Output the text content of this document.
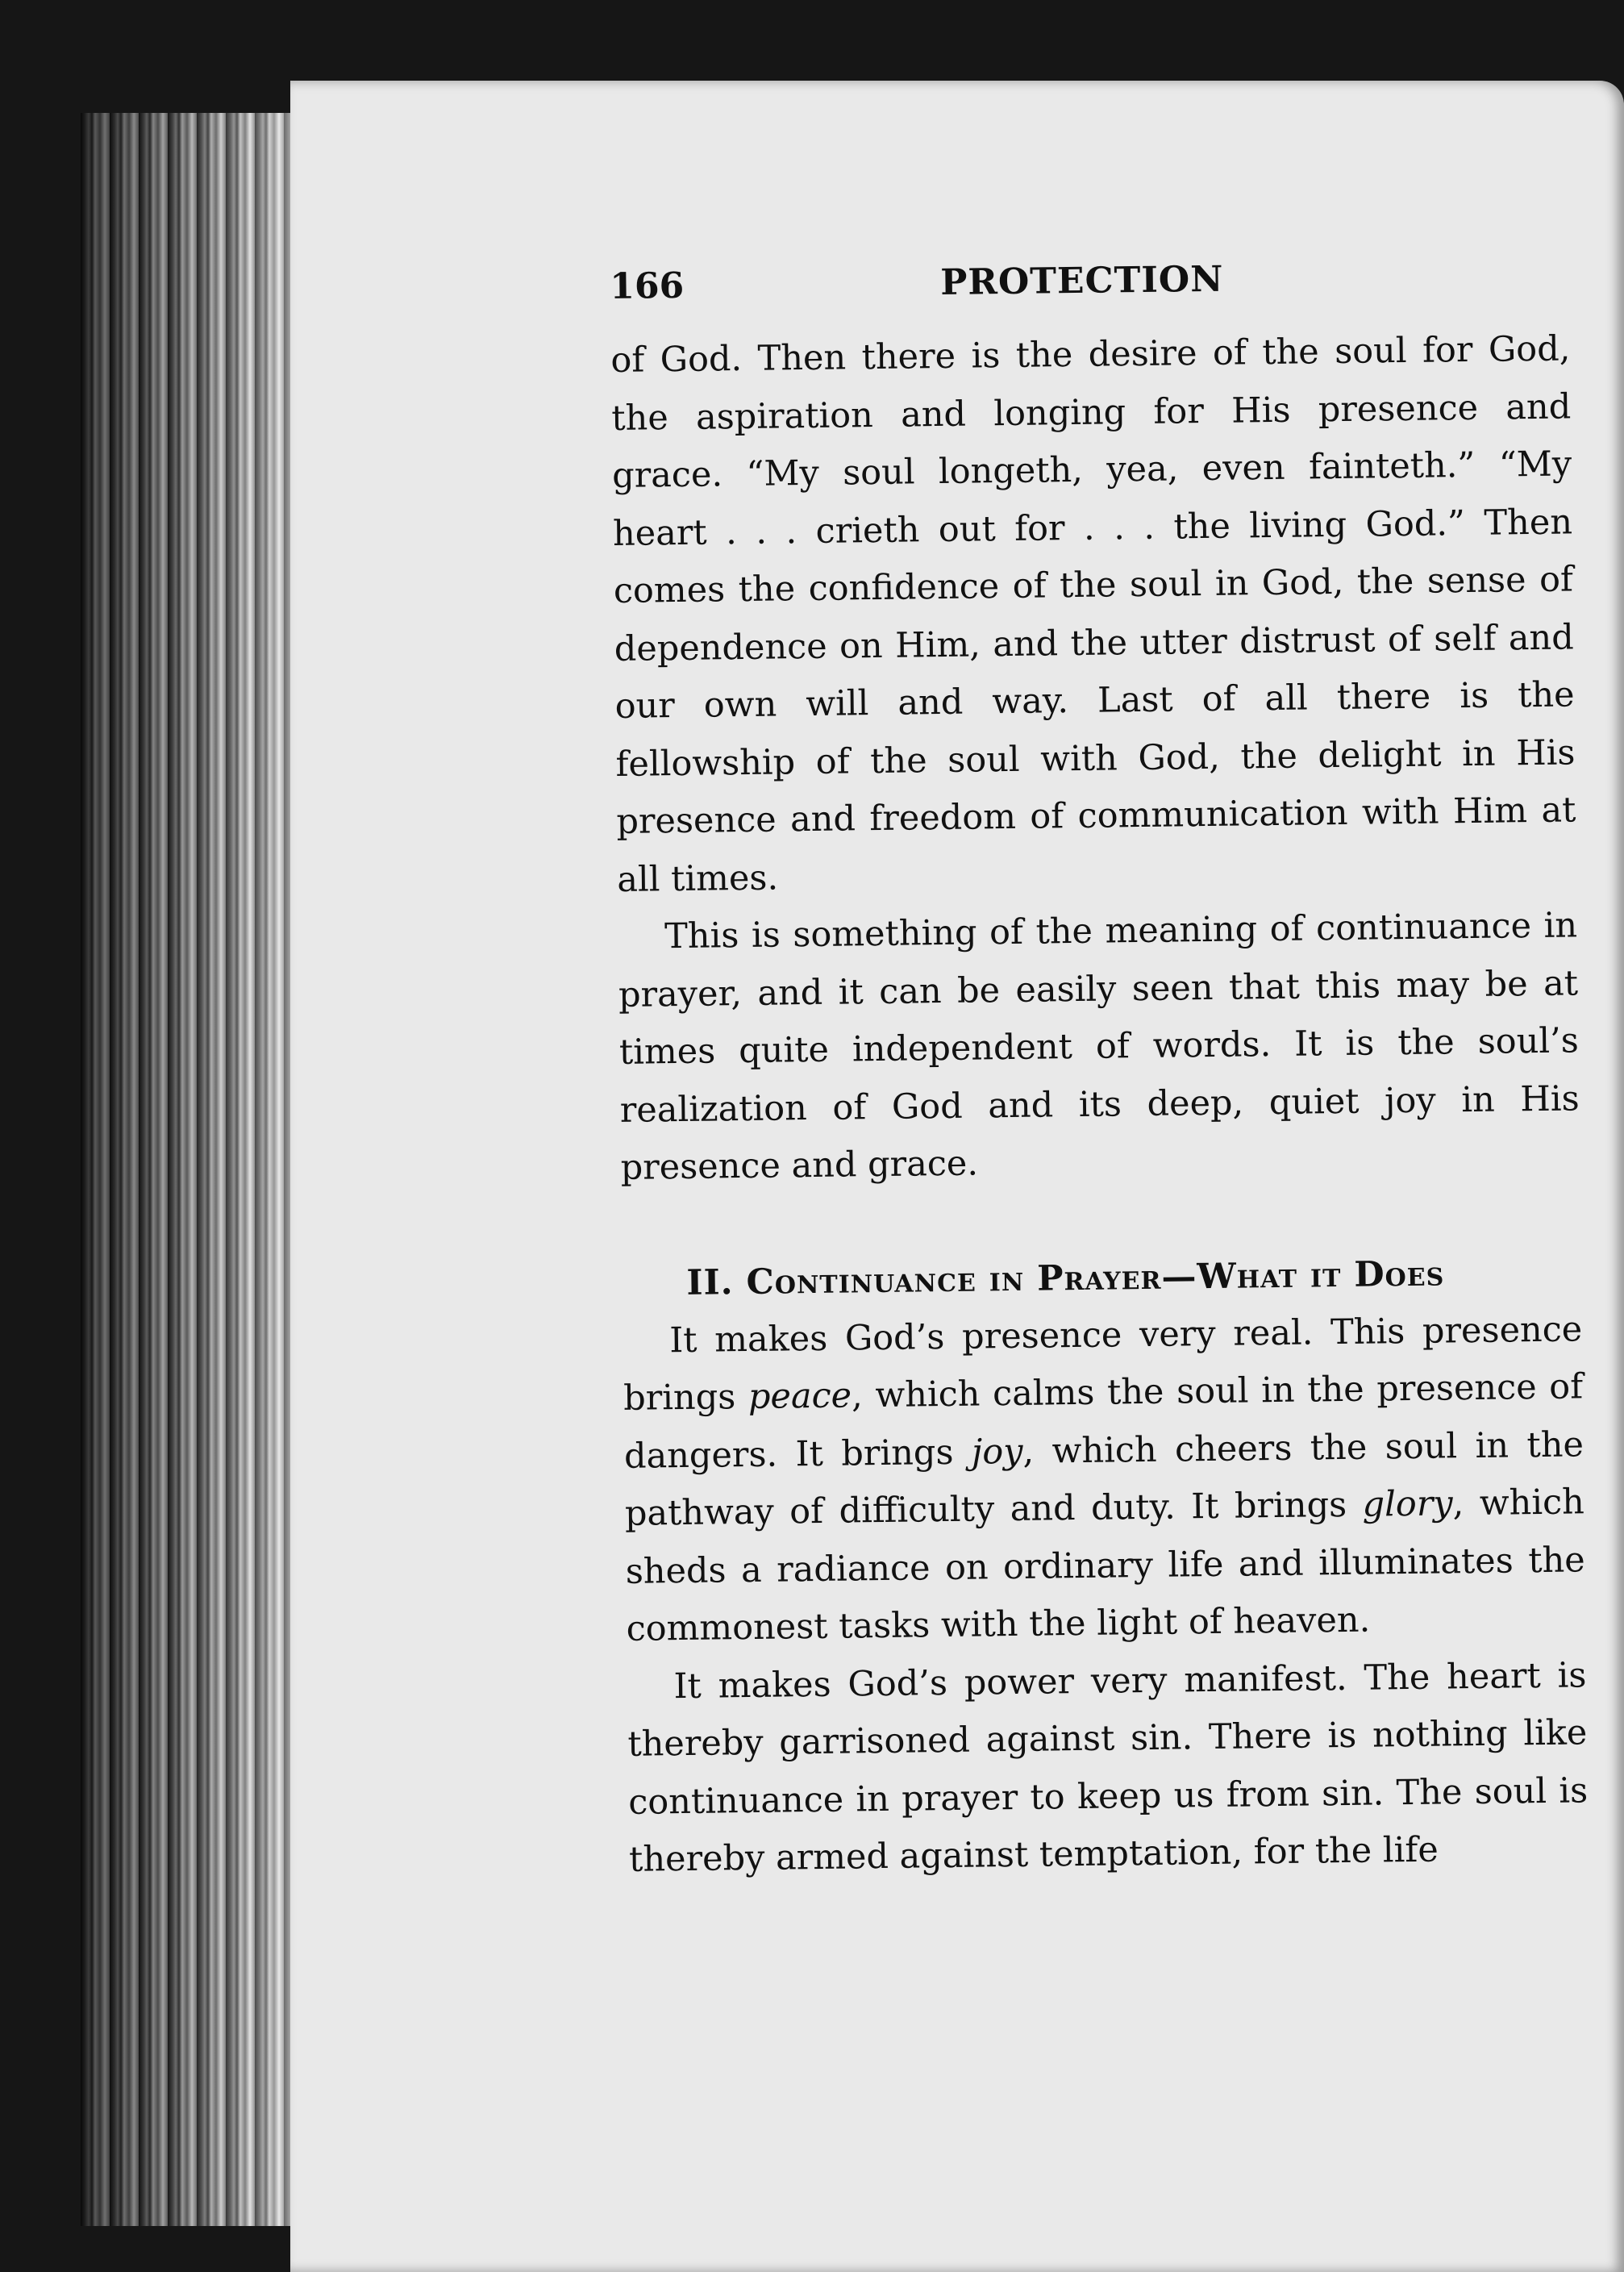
166	PROTECTION

of God. Then there is the desire of the soul for God, the aspiration and longing for His presence and grace. “My soul longeth, yea, even fainteth.” “My heart . . . crieth out for . . . the living God.” Then comes the confidence of the soul in God, the sense of dependence on Him, and the utter distrust of self and our own will and way. Last of all there is the fellowship of the soul with God, the delight in His presence and freedom of communication with Him at all times.

This is something of the meaning of continuance in prayer, and it can be easily seen that this may be at times quite independent of words. It is the soul’s realization of God and its deep, quiet joy in His presence and grace.

II. Continuance in Prayer—What it Does

It makes God’s presence very real. This presence brings peace, which calms the soul in the presence of dangers. It brings joy, which cheers the soul in the pathway of difficulty and duty. It brings glory, which sheds a radiance on ordinary life and illuminates the commonest tasks with the light of heaven.

It makes God’s power very manifest. The heart is thereby garrisoned against sin. There is nothing like continuance in prayer to keep us from sin. The soul is thereby armed against temptation, for the life
